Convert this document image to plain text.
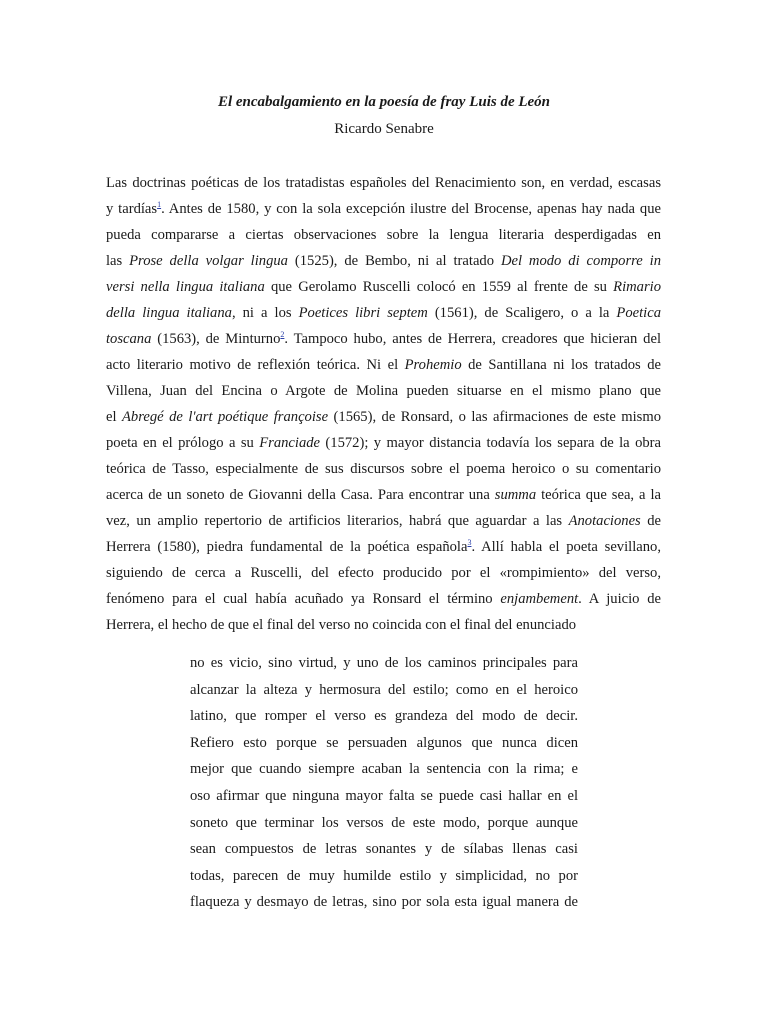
El encabalgamiento en la poesía de fray Luis de León
Ricardo Senabre
Las doctrinas poéticas de los tratadistas españoles del Renacimiento son, en verdad, escasas
y tardías$^1$. Antes de 1580, y con la sola excepción ilustre del Brocense, apenas hay nada que
pueda compararse a ciertas observaciones sobre la lengua literaria desperdigadas en
las Prose della volgar lingua (1525), de Bembo, ni al tratado Del modo di comporre in
versi nella lingua italiana que Gerolamo Ruscelli colocó en 1559 al frente de su Rimario
della lingua italiana, ni a los Poetices libri septem (1561), de Scaligero, o a la Poetica
toscana (1563), de Minturno$^2$. Tampoco hubo, antes de Herrera, creadores que hicieran del
acto literario motivo de reflexión teórica. Ni el Prohemio de Santillana ni los tratados de
Villena, Juan del Encina o Argote de Molina pueden situarse en el mismo plano que
el Abregé de l'art poétique françoise (1565), de Ronsard, o las afirmaciones de este mismo
poeta en el prólogo a su Franciade (1572); y mayor distancia todavía los separa de la obra
teórica de Tasso, especialmente de sus discursos sobre el poema heroico o su comentario
acerca de un soneto de Giovanni della Casa. Para encontrar una summa teórica que sea, a la
vez, un amplio repertorio de artificios literarios, habrá que aguardar a las Anotaciones de
Herrera (1580), piedra fundamental de la poética española$^3$. Allí habla el poeta sevillano,
siguiendo de cerca a Ruscelli, del efecto producido por el «rompimiento» del verso,
fenómeno para el cual había acuñado ya Ronsard el término enjambement. A juicio de
Herrera, el hecho de que el final del verso no coincida con el final del enunciado
no es vicio, sino virtud, y uno de los caminos principales para
alcanzar la alteza y hermosura del estilo; como en el heroico
latino, que romper el verso es grandeza del modo de decir.
Refiero esto porque se persuaden algunos que nunca dicen
mejor que cuando siempre acaban la sentencia con la rima; e
oso afirmar que ninguna mayor falta se puede casi hallar en el
soneto que terminar los versos de este modo, porque aunque
sean compuestos de letras sonantes y de sílabas llenas casi
todas, parecen de muy humilde estilo y simplicidad, no por
flaqueza y desmayo de letras, sino por sola esta igual manera de
